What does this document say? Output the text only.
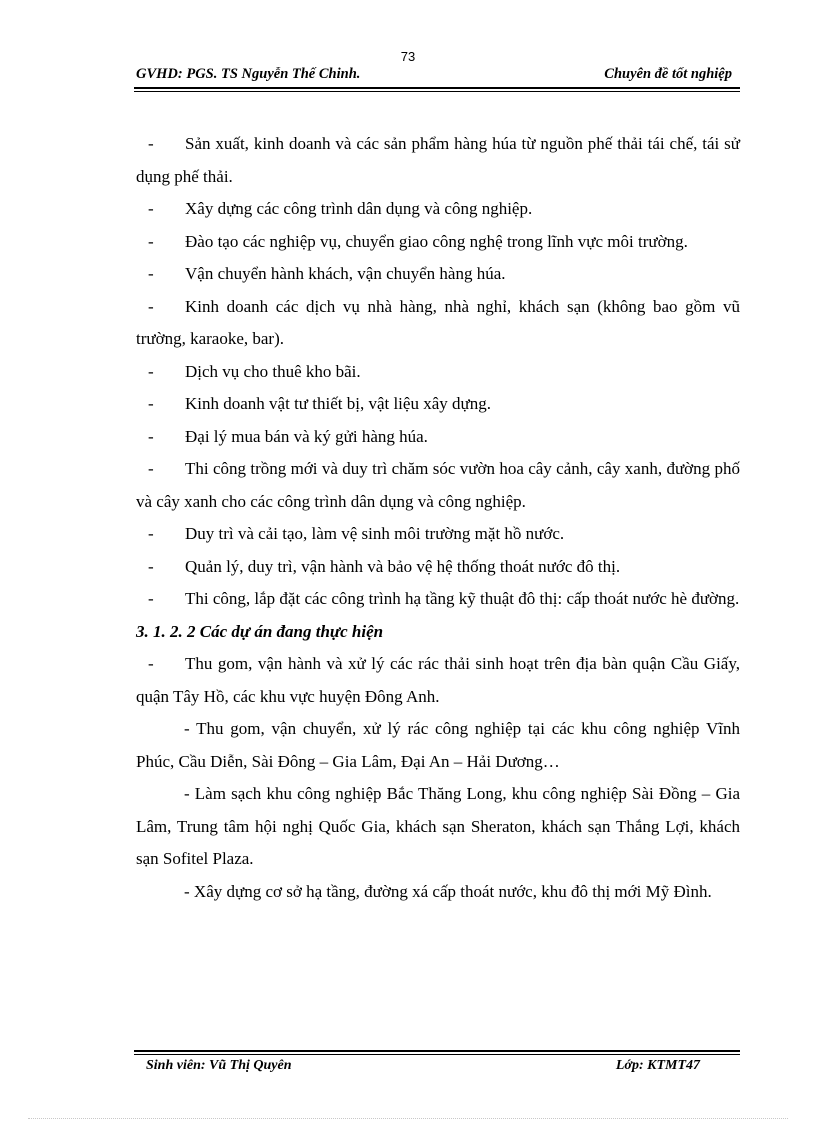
73
GVHD: PGS. TS Nguyễn Thế Chinh.	Chuyên đề tốt nghiệp

- Sản xuất, kinh doanh và các sản phẩm hàng húa từ nguồn phế thải tái chế, tái sử dụng phế thải.

- Xây dựng các công trình dân dụng và công nghiệp.

- Đào tạo các nghiệp vụ, chuyển giao công nghệ trong lĩnh vực môi trường.

- Vận chuyển hành khách, vận chuyển hàng húa.

- Kinh doanh các dịch vụ nhà hàng, nhà nghỉ, khách sạn (không bao gồm vũ trường, karaoke, bar).

- Dịch vụ cho thuê kho bãi.

- Kinh doanh vật tư thiết bị, vật liệu xây dựng.

- Đại lý mua bán và ký gửi hàng húa.

- Thi công trồng mới và duy trì chăm sóc vườn hoa cây cảnh, cây xanh, đường phố và cây xanh cho các công trình dân dụng và công nghiệp.

- Duy trì và cải tạo, làm vệ sinh môi trường mặt hồ nước.

- Quản lý, duy trì, vận hành và bảo vệ hệ thống thoát nước đô thị.

- Thi công, lắp đặt các công trình hạ tầng kỹ thuật đô thị: cấp thoát nước hè đường.

3. 1. 2. 2 Các dự án đang thực hiện

- Thu gom, vận hành và xử lý các rác thải sinh hoạt trên địa bàn quận Cầu Giấy, quận Tây Hồ, các khu vực huyện Đông Anh.

- Thu gom, vận chuyển, xử lý rác công nghiệp tại các khu công nghiệp Vĩnh Phúc, Cầu Diễn, Sài Đông – Gia Lâm, Đại An – Hải Dương…

- Làm sạch khu công nghiệp Bắc Thăng Long, khu công nghiệp Sài Đồng – Gia Lâm, Trung tâm hội nghị Quốc Gia, khách sạn Sheraton, khách sạn Thắng Lợi, khách sạn Sofitel Plaza.

- Xây dựng cơ sở hạ tầng, đường xá cấp thoát nước, khu đô thị mới Mỹ Đình.

Sinh viên: Vũ Thị Quyên	Lớp: KTMT47
